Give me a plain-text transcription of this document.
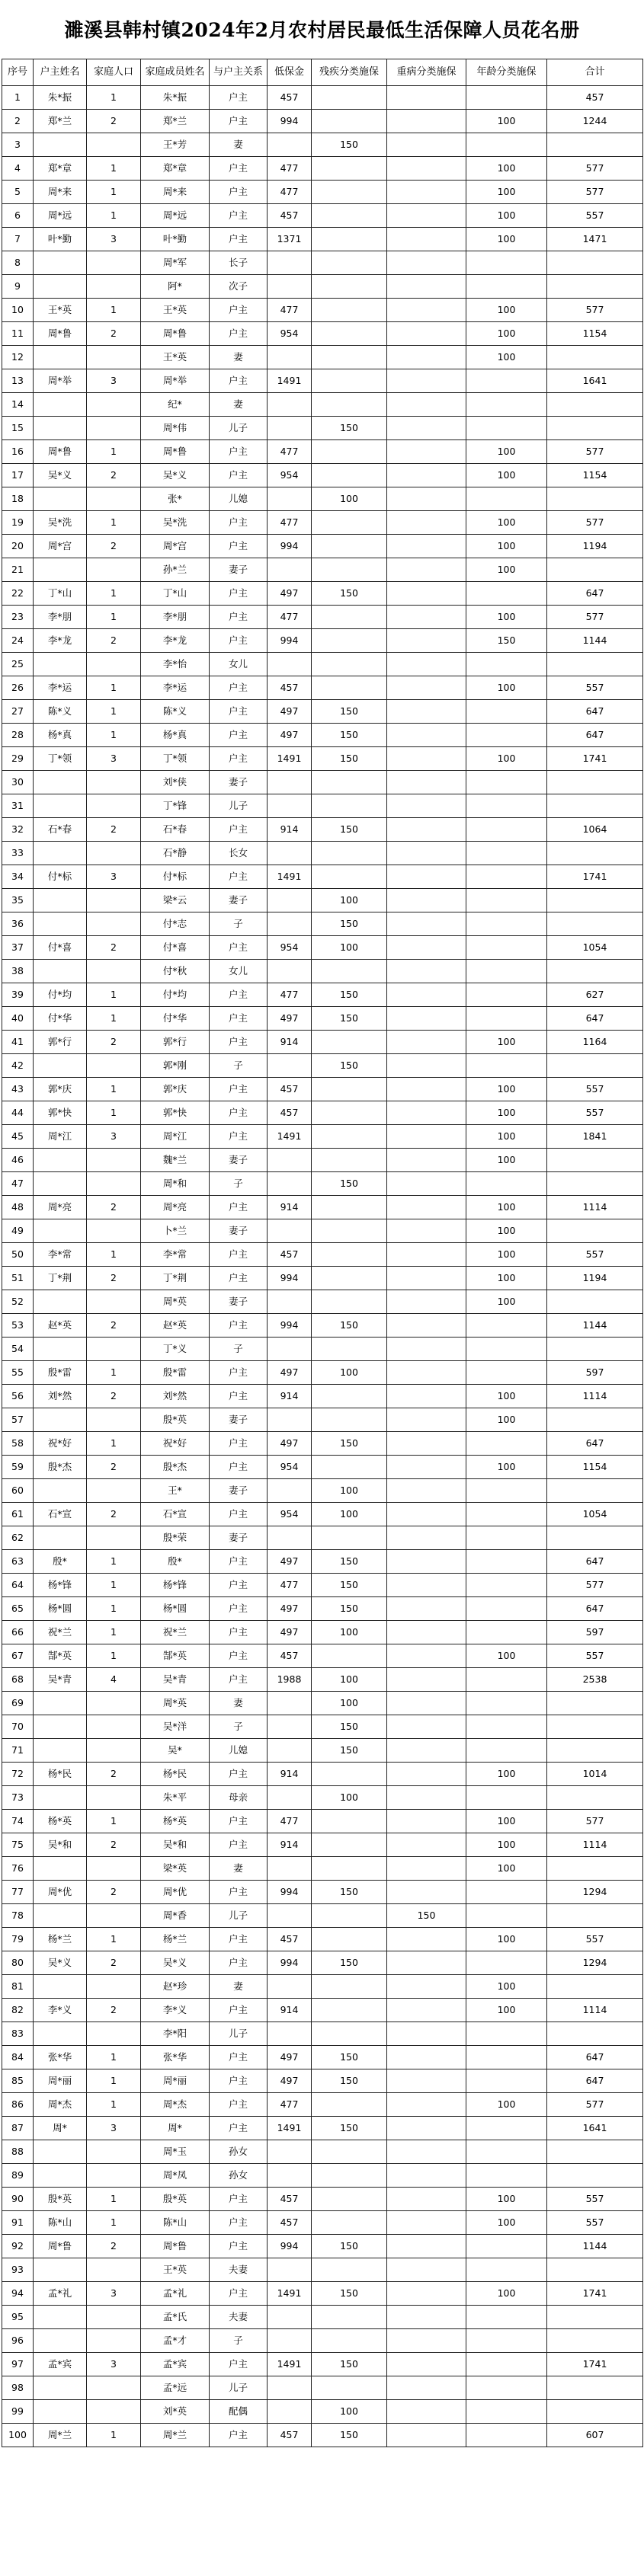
濉溪县韩村镇2024年2月农村居民最低生活保障人员花名册
序号	户主姓名	家庭人口	家庭成员姓名	与户主关系	低保金	残疾分类施保	重病分类施保	年龄分类施保	合计
1	朱*振	1	朱*振	户主	457				457
2	郑*兰	2	郑*兰	户主	994			100	1244
3			王*芳	妻		150			
4	郑*章	1	郑*章	户主	477			100	577
5	周*来	1	周*来	户主	477			100	577
6	周*远	1	周*远	户主	457			100	557
7	叶*勤	3	叶*勤	户主	1371			100	1471
8			周*军	长子					
9			阿*	次子					
10	王*英	1	王*英	户主	477			100	577
11	周*鲁	2	周*鲁	户主	954			100	1154
12			王*英	妻				100	
13	周*举	3	周*举	户主	1491				1641
14			纪*	妻					
15			周*伟	儿子		150			
16	周*鲁	1	周*鲁	户主	477			100	577
17	吴*义	2	吴*义	户主	954			100	1154
18			张*	儿媳		100			
19	吴*洗	1	吴*洗	户主	477			100	577
20	周*宫	2	周*宫	户主	994			100	1194
21			孙*兰	妻子				100	
22	丁*山	1	丁*山	户主	497	150			647
23	李*朋	1	李*朋	户主	477			100	577
24	李*龙	2	李*龙	户主	994			150	1144
25			李*怡	女儿					
26	李*运	1	李*运	户主	457			100	557
27	陈*义	1	陈*义	户主	497	150			647
28	杨*真	1	杨*真	户主	497	150			647
29	丁*领	3	丁*领	户主	1491	150		100	1741
30			刘*侠	妻子					
31			丁*锋	儿子					
32	石*春	2	石*春	户主	914	150			1064
33			石*静	长女					
34	付*标	3	付*标	户主	1491				1741
35			梁*云	妻子		100			
36			付*志	子		150			
37	付*喜	2	付*喜	户主	954	100			1054
38			付*秋	女儿					
39	付*均	1	付*均	户主	477	150			627
40	付*华	1	付*华	户主	497	150			647
41	郭*行	2	郭*行	户主	914			100	1164
42			郭*刚	子		150			
43	郭*庆	1	郭*庆	户主	457			100	557
44	郭*快	1	郭*快	户主	457			100	557
45	周*江	3	周*江	户主	1491			100	1841
46			魏*兰	妻子				100	
47			周*和	子		150			
48	周*亮	2	周*亮	户主	914			100	1114
49			卜*兰	妻子				100	
50	李*常	1	李*常	户主	457			100	557
51	丁*荆	2	丁*荆	户主	994			100	1194
52			周*英	妻子				100	
53	赵*英	2	赵*英	户主	994	150			1144
54			丁*义	子					
55	殷*雷	1	殷*雷	户主	497	100			597
56	刘*然	2	刘*然	户主	914			100	1114
57			殷*英	妻子				100	
58	祝*好	1	祝*好	户主	497	150			647
59	殷*杰	2	殷*杰	户主	954			100	1154
60			王*	妻子		100			
61	石*宣	2	石*宣	户主	954	100			1054
62			殷*荣	妻子					
63	殷*	1	殷*	户主	497	150			647
64	杨*锋	1	杨*锋	户主	477	150			577
65	杨*圆	1	杨*圆	户主	497	150			647
66	祝*兰	1	祝*兰	户主	497	100			597
67	郜*英	1	郜*英	户主	457			100	557
68	吴*青	4	吴*青	户主	1988	100			2538
69			周*英	妻		100			
70			吴*洋	子		150			
71			吴*	儿媳		150			
72	杨*民	2	杨*民	户主	914			100	1014
73			朱*平	母亲		100			
74	杨*英	1	杨*英	户主	477			100	577
75	吴*和	2	吴*和	户主	914			100	1114
76			梁*英	妻				100	
77	周*优	2	周*优	户主	994	150			1294
78			周*香	儿子			150		
79	杨*兰	1	杨*兰	户主	457			100	557
80	吴*义	2	吴*义	户主	994	150			1294
81			赵*珍	妻				100	
82	李*义	2	李*义	户主	914			100	1114
83			李*阳	儿子					
84	张*华	1	张*华	户主	497	150			647
85	周*丽	1	周*丽	户主	497	150			647
86	周*杰	1	周*杰	户主	477			100	577
87	周*	3	周*	户主	1491	150			1641
88			周*玉	孙女					
89			周*凤	孙女					
90	殷*英	1	殷*英	户主	457			100	557
91	陈*山	1	陈*山	户主	457			100	557
92	周*鲁	2	周*鲁	户主	994	150			1144
93			王*英	夫妻					
94	孟*礼	3	孟*礼	户主	1491	150		100	1741
95			孟*氏	夫妻					
96			孟*才	子					
97	孟*宾	3	孟*宾	户主	1491	150			1741
98			孟*远	儿子					
99			刘*英	配偶		100			
100	周*兰	1	周*兰	户主	457	150			607
